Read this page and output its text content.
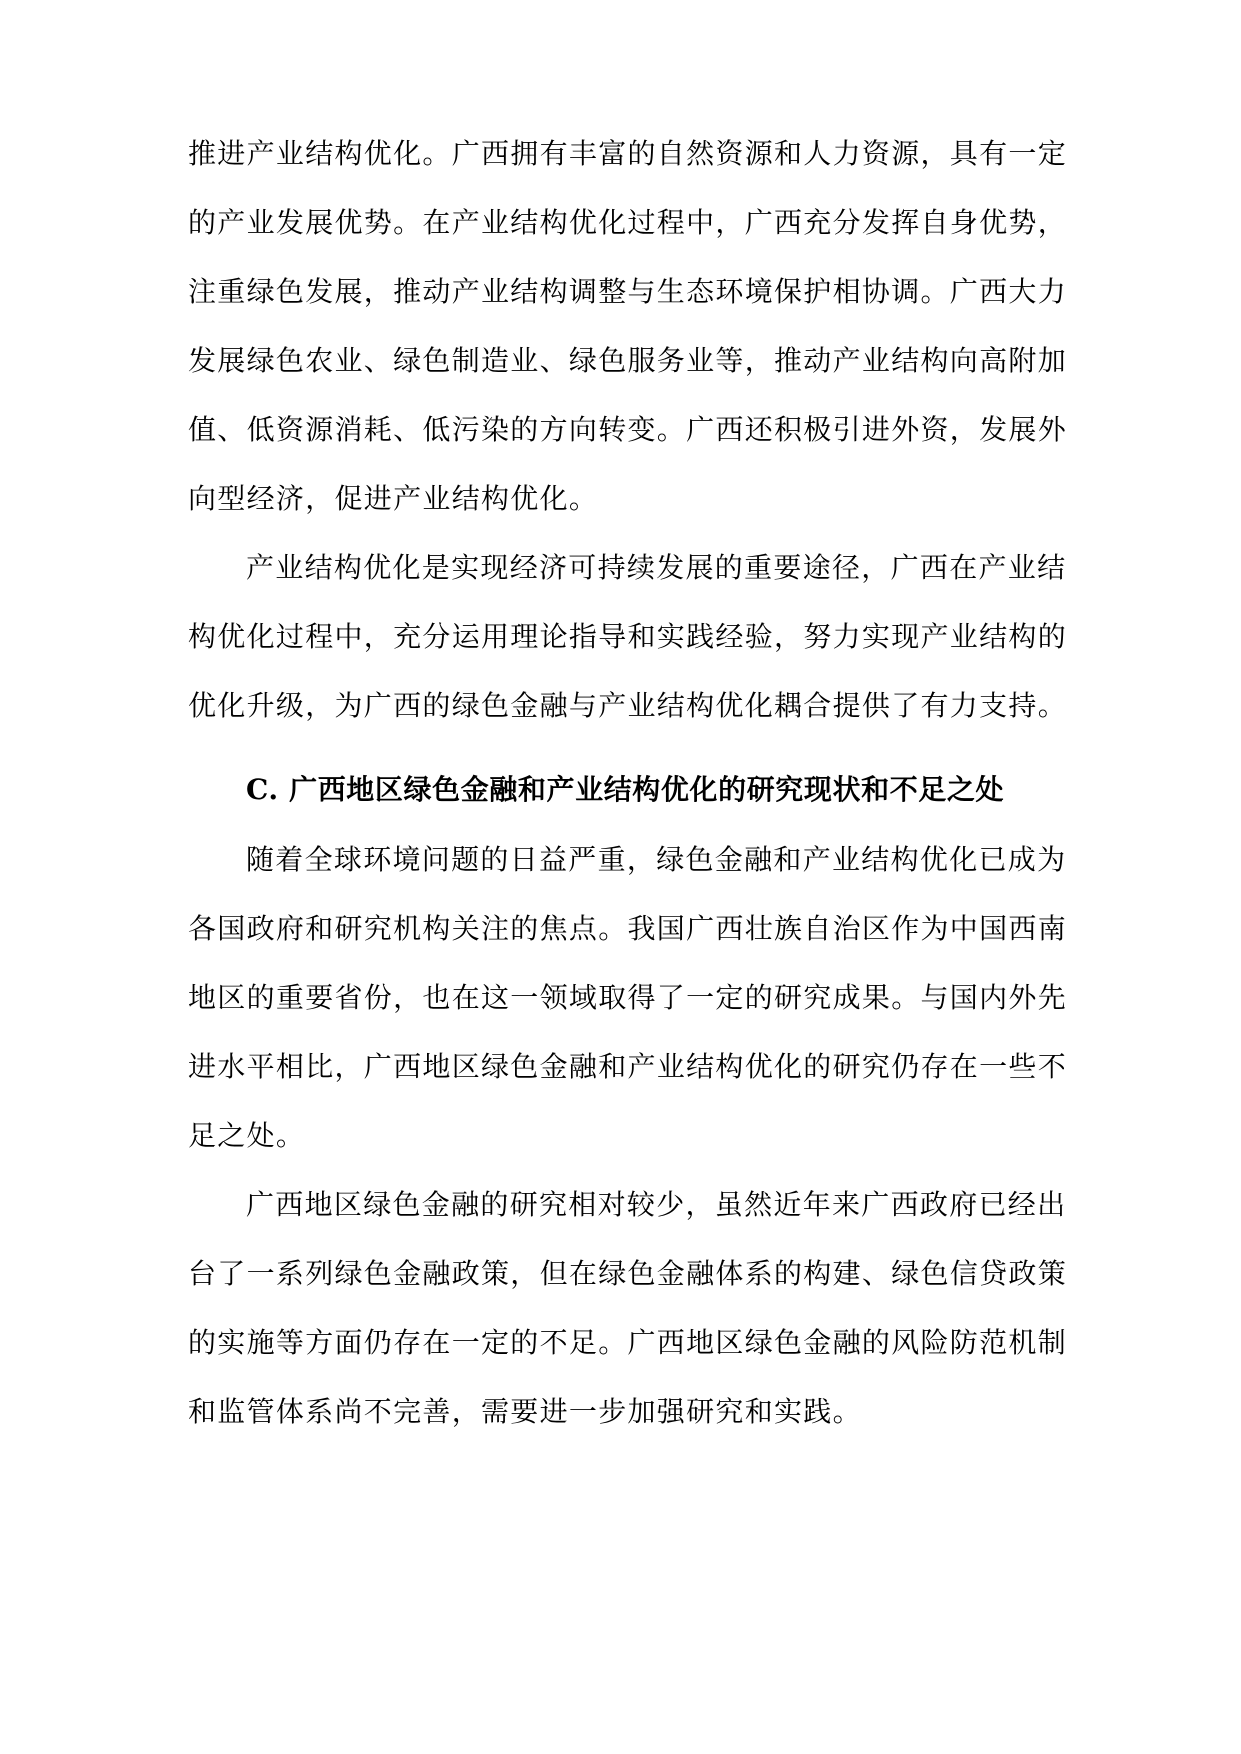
推进产业结构优化。广西拥有丰富的自然资源和人力资源，具有一定
的产业发展优势。在产业结构优化过程中，广西充分发挥自身优势，
注重绿色发展，推动产业结构调整与生态环境保护相协调。广西大力
发展绿色农业、绿色制造业、绿色服务业等，推动产业结构向高附加
值、低资源消耗、低污染的方向转变。广西还积极引进外资，发展外
向型经济，促进产业结构优化。
产业结构优化是实现经济可持续发展的重要途径，广西在产业结
构优化过程中，充分运用理论指导和实践经验，努力实现产业结构的
优化升级，为广西的绿色金融与产业结构优化耦合提供了有力支持。
C. 广西地区绿色金融和产业结构优化的研究现状和不足之处
随着全球环境问题的日益严重，绿色金融和产业结构优化已成为
各国政府和研究机构关注的焦点。我国广西壮族自治区作为中国西南
地区的重要省份，也在这一领域取得了一定的研究成果。与国内外先
进水平相比，广西地区绿色金融和产业结构优化的研究仍存在一些不
足之处。
广西地区绿色金融的研究相对较少，虽然近年来广西政府已经出
台了一系列绿色金融政策，但在绿色金融体系的构建、绿色信贷政策
的实施等方面仍存在一定的不足。广西地区绿色金融的风险防范机制
和监管体系尚不完善，需要进一步加强研究和实践。
